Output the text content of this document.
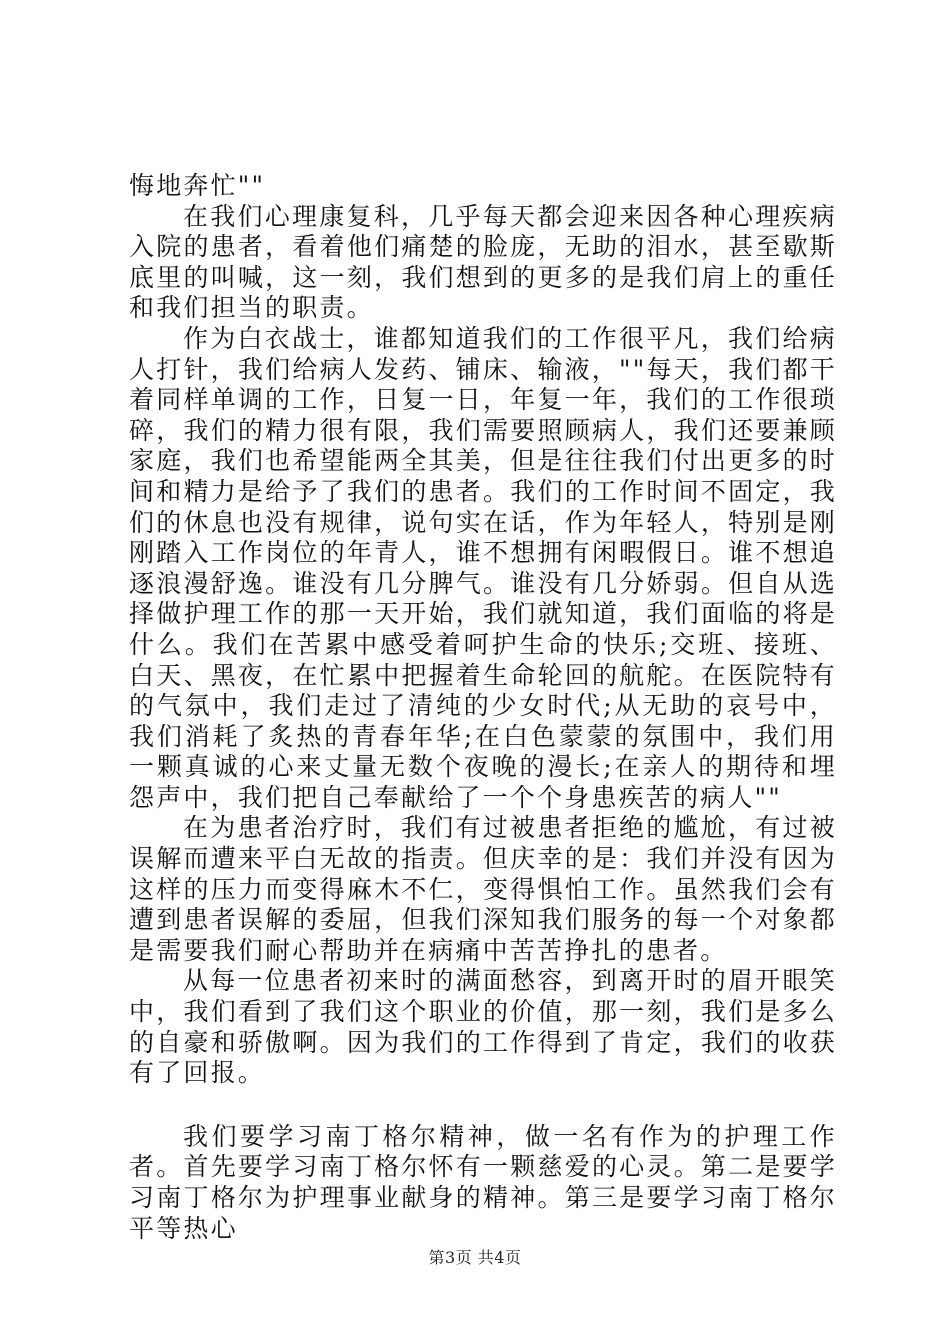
悔地奔忙""

在我们心理康复科，几乎每天都会迎来因各种心理疾病入院的患者，看着他们痛楚的脸庞，无助的泪水，甚至歇斯底里的叫喊，这一刻，我们想到的更多的是我们肩上的重任和我们担当的职责。

作为白衣战士，谁都知道我们的工作很平凡，我们给病人打针，我们给病人发药、铺床、输液，""每天，我们都干着同样单调的工作，日复一日，年复一年，我们的工作很琐碎，我们的精力很有限，我们需要照顾病人，我们还要兼顾家庭，我们也希望能两全其美，但是往往我们付出更多的时间和精力是给予了我们的患者。我们的工作时间不固定，我们的休息也没有规律，说句实在话，作为年轻人，特别是刚刚踏入工作岗位的年青人，谁不想拥有闲暇假日。谁不想追逐浪漫舒逸。谁没有几分脾气。谁没有几分娇弱。但自从选择做护理工作的那一天开始，我们就知道，我们面临的将是什么。我们在苦累中感受着呵护生命的快乐;交班、接班、白天、黑夜，在忙累中把握着生命轮回的航舵。在医院特有的气氛中，我们走过了清纯的少女时代;从无助的哀号中，我们消耗了炙热的青春年华;在白色蒙蒙的氛围中，我们用一颗真诚的心来丈量无数个夜晚的漫长;在亲人的期待和埋怨声中，我们把自己奉献给了一个个身患疾苦的病人""

在为患者治疗时，我们有过被患者拒绝的尴尬，有过被误解而遭来平白无故的指责。但庆幸的是：我们并没有因为这样的压力而变得麻木不仁，变得惧怕工作。虽然我们会有遭到患者误解的委屈，但我们深知我们服务的每一个对象都是需要我们耐心帮助并在病痛中苦苦挣扎的患者。

从每一位患者初来时的满面愁容，到离开时的眉开眼笑中，我们看到了我们这个职业的价值，那一刻，我们是多么的自豪和骄傲啊。因为我们的工作得到了肯定，我们的收获有了回报。

我们要学习南丁格尔精神，做一名有作为的护理工作者。首先要学习南丁格尔怀有一颗慈爱的心灵。第二是要学习南丁格尔为护理事业献身的精神。第三是要学习南丁格尔平等热心

第3页 共4页
